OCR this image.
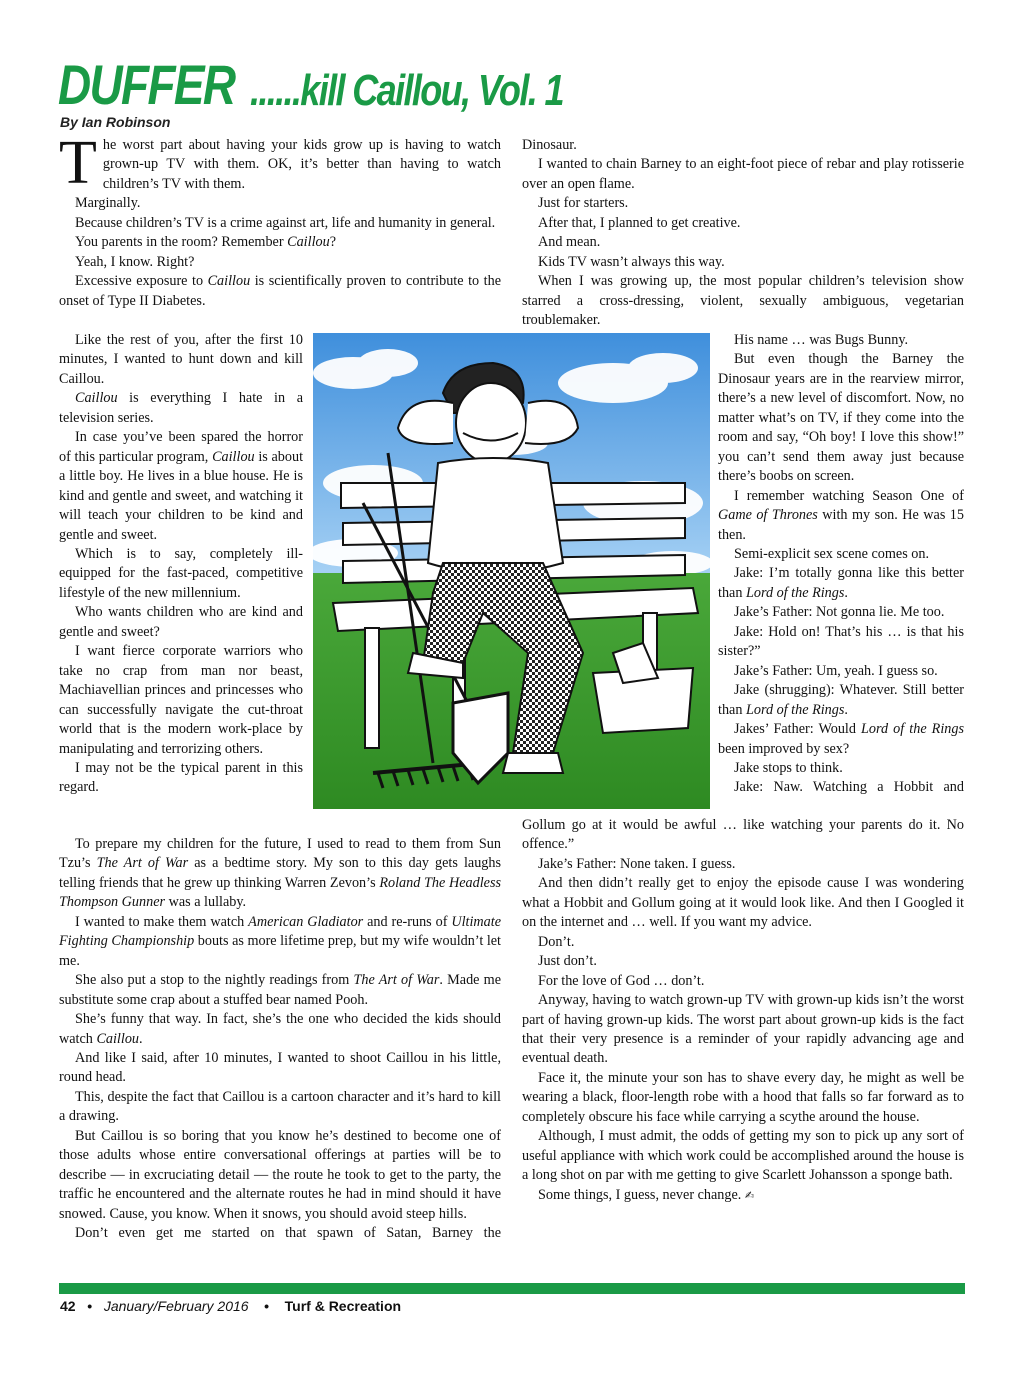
DUFFER ......kill Caillou, Vol. 1
By Ian Robinson

The worst part about having your kids grow up is having to watch grown-up TV with them. OK, it’s better than having to watch children’s TV with them.

Marginally.

Because children’s TV is a crime against art, life and humanity in general.

You parents in the room? Remember Caillou?

Yeah, I know. Right?

Excessive exposure to Caillou is scientifically proven to contribute to the onset of Type II Diabetes.

Like the rest of you, after the first 10 minutes, I wanted to hunt down and kill Caillou.

Caillou is everything I hate in a television series.

In case you’ve been spared the horror of this particular program, Caillou is about a little boy. He lives in a blue house. He is kind and gentle and sweet, and watching it will teach your children to be kind and gentle and sweet.

Which is to say, completely ill-equipped for the fast-paced, competitive lifestyle of the new millennium.

Who wants children who are kind and gentle and sweet?

I want fierce corporate warriors who take no crap from man nor beast, Machiavellian princes and princesses who can successfully navigate the cut-throat world that is the modern work-place by manipulating and terrorizing others.

I may not be the typical parent in this regard.

To prepare my children for the future, I used to read to them from Sun Tzu’s The Art of War as a bedtime story. My son to this day gets laughs telling friends that he grew up thinking Warren Zevon’s Roland The Headless Thompson Gunner was a lullaby.

I wanted to make them watch American Gladiator and re-runs of Ultimate Fighting Championship bouts as more lifetime prep, but my wife wouldn’t let me.

She also put a stop to the nightly readings from The Art of War. Made me substitute some crap about a stuffed bear named Pooh.

She’s funny that way. In fact, she’s the one who decided the kids should watch Caillou.

And like I said, after 10 minutes, I wanted to shoot Caillou in his little, round head.

This, despite the fact that Caillou is a cartoon character and it’s hard to kill a drawing.

But Caillou is so boring that you know he’s destined to become one of those adults whose entire conversational offerings at parties will be to describe — in excruciating detail — the route he took to get to the party, the traffic he encountered and the alternate routes he had in mind should it have snowed. Cause, you know. When it snows, you should avoid steep hills.

Don’t even get me started on that spawn of Satan, Barney the

Dinosaur.

I wanted to chain Barney to an eight-foot piece of rebar and play rotisserie over an open flame.

Just for starters.

After that, I planned to get creative.

And mean.

Kids TV wasn’t always this way.

When I was growing up, the most popular children’s television show starred a cross-dressing, violent, sexually ambiguous, vegetarian troublemaker.

His name … was Bugs Bunny.

But even though the Barney the Dinosaur years are in the rearview mirror, there’s a new level of discomfort. Now, no matter what’s on TV, if they come into the room and say, “Oh boy! I love this show!” you can’t send them away just because there’s boobs on screen.

I remember watching Season One of Game of Thrones with my son. He was 15 then.

Semi-explicit sex scene comes on.

Jake: I’m totally gonna like this better than Lord of the Rings.

Jake’s Father: Not gonna lie. Me too.

Jake: Hold on! That’s his … is that his sister?”

Jake’s Father: Um, yeah. I guess so.

Jake (shrugging): Whatever. Still better than Lord of the Rings.

Jakes’ Father: Would Lord of the Rings been improved by sex?

Jake stops to think.

Jake: Naw. Watching a Hobbit and

Gollum go at it would be awful … like watching your parents do it. No offence.”

Jake’s Father: None taken. I guess.

And then didn’t really get to enjoy the episode cause I was wondering what a Hobbit and Gollum going at it would look like. And then I Googled it on the internet and … well. If you want my advice.

Don’t.

Just don’t.

For the love of God … don’t.

Anyway, having to watch grown-up TV with grown-up kids isn’t the worst part of having grown-up kids. The worst part about grown-up kids is the fact that their very presence is a reminder of your rapidly advancing age and eventual death.

Face it, the minute your son has to shave every day, he might as well be wearing a black, floor-length robe with a hood that falls so far forward as to completely obscure his face while carrying a scythe around the house.

Although, I must admit, the odds of getting my son to pick up any sort of useful appliance with which work could be accomplished around the house is a long shot on par with me getting to give Scarlett Johansson a sponge bath.

Some things, I guess, never change. ✍

42 • January/February 2016 • Turf & Recreation
